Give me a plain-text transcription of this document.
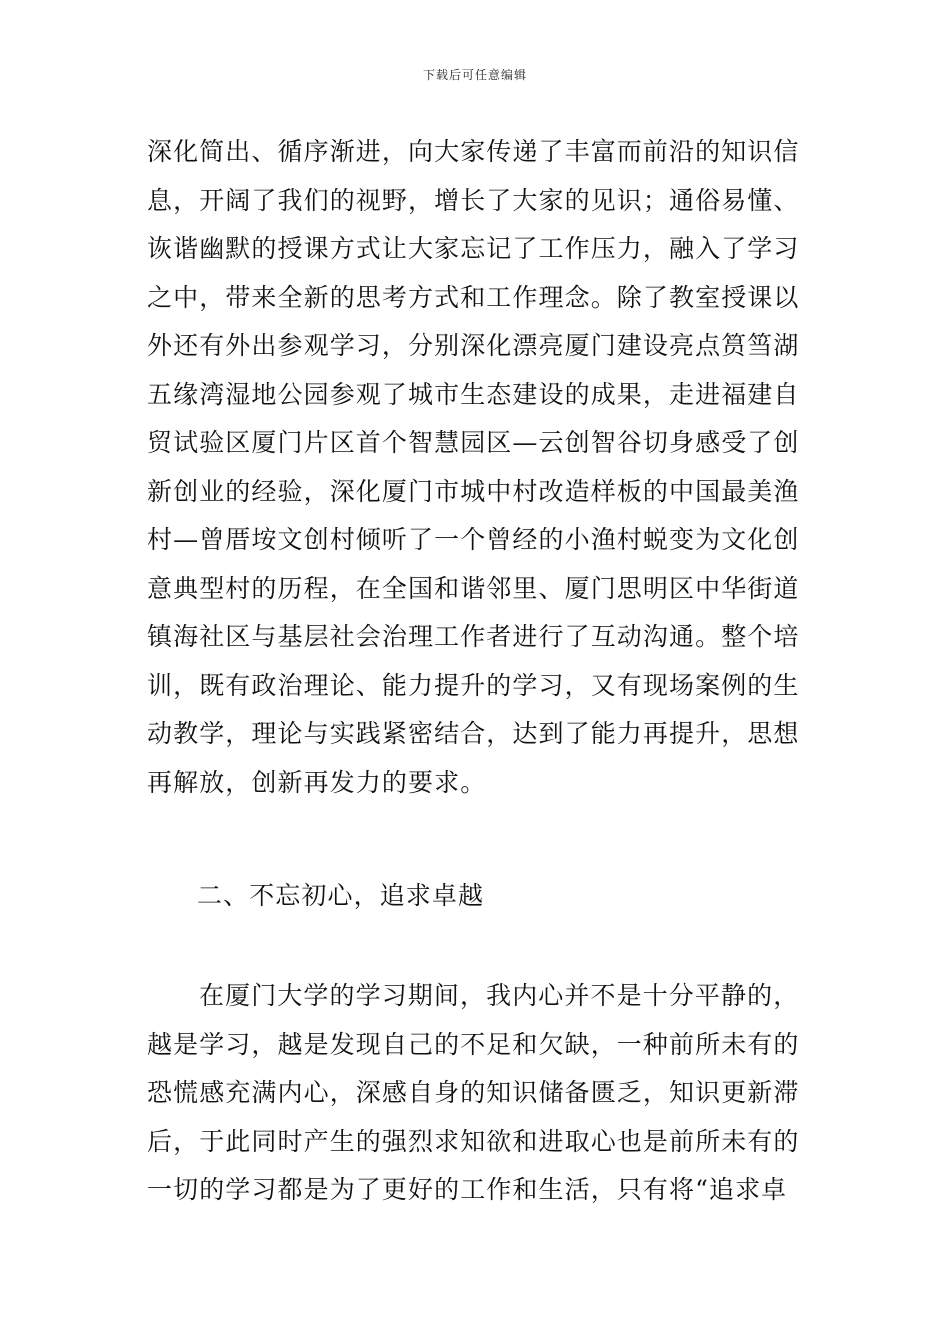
下载后可任意编辑
深化简出、循序渐进，向大家传递了丰富而前沿的知识信
息，开阔了我们的视野，增长了大家的见识；通俗易懂、
诙谐幽默的授课方式让大家忘记了工作压力，融入了学习
之中，带来全新的思考方式和工作理念。除了教室授课以
外还有外出参观学习，分别深化漂亮厦门建设亮点筼筜湖
五缘湾湿地公园参观了城市生态建设的成果，走进福建自
贸试验区厦门片区首个智慧园区—云创智谷切身感受了创
新创业的经验，深化厦门市城中村改造样板的中国最美渔
村—曾厝垵文创村倾听了一个曾经的小渔村蜕变为文化创
意典型村的历程，在全国和谐邻里、厦门思明区中华街道
镇海社区与基层社会治理工作者进行了互动沟通。整个培
训，既有政治理论、能力提升的学习，又有现场案例的生
动教学，理论与实践紧密结合，达到了能力再提升，思想
再解放，创新再发力的要求。
二、不忘初心，追求卓越
在厦门大学的学习期间，我内心并不是十分平静的，
越是学习，越是发现自己的不足和欠缺，一种前所未有的
恐慌感充满内心，深感自身的知识储备匮乏，知识更新滞
后，于此同时产生的强烈求知欲和进取心也是前所未有的
一切的学习都是为了更好的工作和生活，只有将“追求卓
